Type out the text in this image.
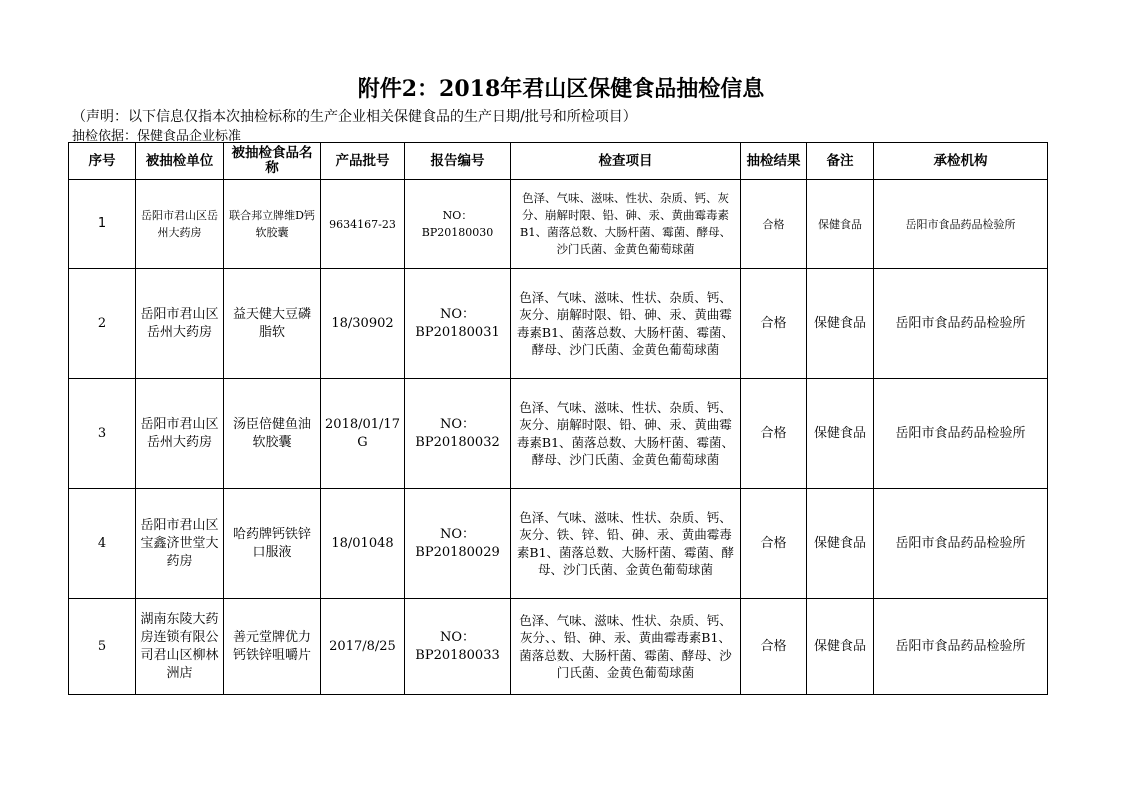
附件2：2018年君山区保健食品抽检信息
（声明：以下信息仅指本次抽检标称的生产企业相关保健食品的生产日期/批号和所检项目）
抽检依据：保健食品企业标准
序号	被抽检单位	被抽检食品名称	产品批号	报告编号	检查项目	抽检结果	备注	承检机构
1	岳阳市君山区岳州大药房	联合邦立牌维D钙软胶囊	9634167-23	NO：BP20180030	色泽、气味、滋味、性状、杂质、钙、灰分、崩解时限、铅、砷、汞、黄曲霉毒素B1、菌落总数、大肠杆菌、霉菌、酵母、沙门氏菌、金黄色葡萄球菌	合格	保健食品	岳阳市食品药品检验所
2	岳阳市君山区岳州大药房	益天健大豆磷脂软	18/30902	NO：BP20180031	色泽、气味、滋味、性状、杂质、钙、灰分、崩解时限、铅、砷、汞、黄曲霉毒素B1、菌落总数、大肠杆菌、霉菌、酵母、沙门氏菌、金黄色葡萄球菌	合格	保健食品	岳阳市食品药品检验所
3	岳阳市君山区岳州大药房	汤臣倍健鱼油软胶囊	2018/01/17G	NO：BP20180032	色泽、气味、滋味、性状、杂质、钙、灰分、崩解时限、铅、砷、汞、黄曲霉毒素B1、菌落总数、大肠杆菌、霉菌、酵母、沙门氏菌、金黄色葡萄球菌	合格	保健食品	岳阳市食品药品检验所
4	岳阳市君山区宝鑫济世堂大药房	哈药牌钙铁锌口服液	18/01048	NO：BP20180029	色泽、气味、滋味、性状、杂质、钙、灰分、铁、锌、铅、砷、汞、黄曲霉毒素B1、菌落总数、大肠杆菌、霉菌、酵母、沙门氏菌、金黄色葡萄球菌	合格	保健食品	岳阳市食品药品检验所
5	湖南东陵大药房连锁有限公司君山区柳林洲店	善元堂牌优力钙铁锌咀嚼片	2017/8/25	NO：BP20180033	色泽、气味、滋味、性状、杂质、钙、灰分、、铅、砷、汞、黄曲霉毒素B1、菌落总数、大肠杆菌、霉菌、酵母、沙门氏菌、金黄色葡萄球菌	合格	保健食品	岳阳市食品药品检验所
